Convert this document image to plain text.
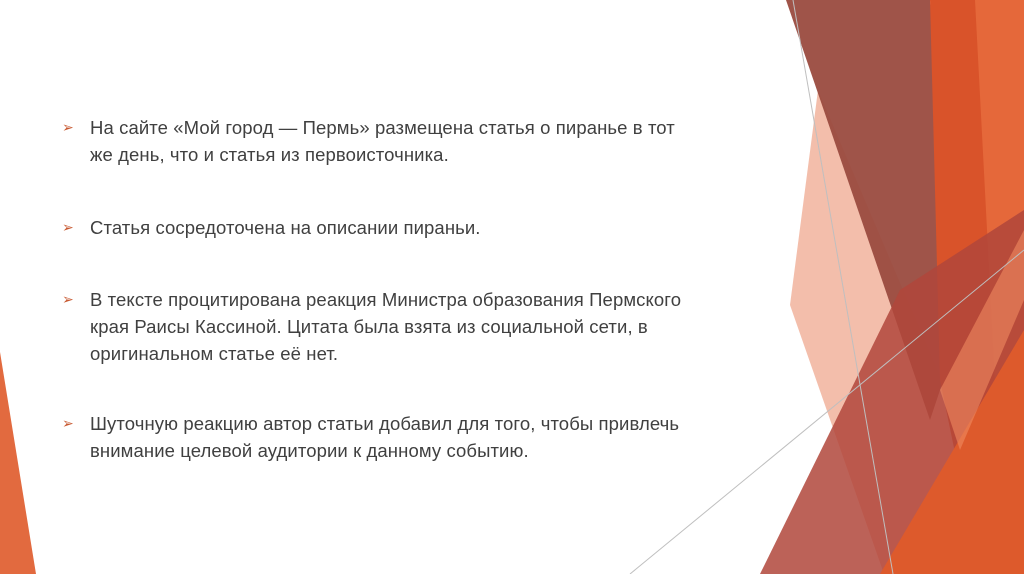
➢ На сайте «Мой город — Пермь» размещена статья о пиранье в тот
же день, что и статья из первоисточника.
➢ Статья сосредоточена на описании пираньи.
➢ В тексте процитирована реакция Министра образования Пермского
края Раисы Кассиной. Цитата была взята из социальной сети, в
оригинальном статье её нет.
➢ Шуточную реакцию автор статьи добавил для того, чтобы привлечь
внимание целевой аудитории к данному событию.
